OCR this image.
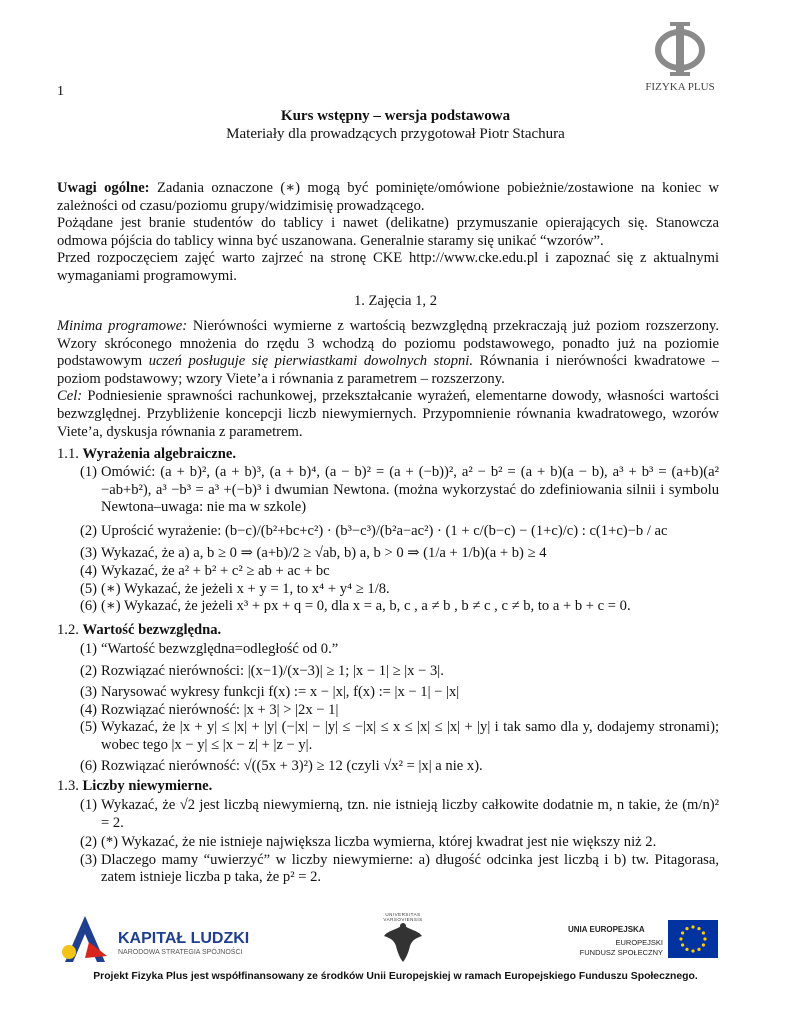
1	FIZYKA PLUS
Kurs wstępny – wersja podstawowa
Materiały dla prowadzących przygotował Piotr Stachura

Uwagi ogólne: Zadania oznaczone (∗) mogą być pominięte/omówione pobieżnie/zostawione na koniec w zależności od czasu/poziomu grupy/widzimisię prowadzącego.

Pożądane jest branie studentów do tablicy i nawet (delikatne) przymuszanie opierających się. Stanowcza odmowa pójścia do tablicy winna być uszanowana. Generalnie staramy się unikać “wzorów”.

Przed rozpoczęciem zajęć warto zajrzeć na stronę CKE http://www.cke.edu.pl i zapoznać się z aktualnymi wymaganiami programowymi.

1. Zajęcia 1, 2

Minima programowe: Nierówności wymierne z wartością bezwzględną przekraczają już poziom rozszerzony. Wzory skróconego mnożenia do rzędu 3 wchodzą do poziomu podstawowego, ponadto już na poziomie podstawowym uczeń posługuje się pierwiastkami dowolnych stopni. Równania i nierówności kwadratowe – poziom podstawowy; wzory Viete’a i równania z parametrem – rozszerzony.

Cel: Podniesienie sprawności rachunkowej, przekształcanie wyrażeń, elementarne dowody, własności wartości bezwzględnej. Przybliżenie koncepcji liczb niewymiernych. Przypomnienie równania kwadratowego, wzorów Viete’a, dyskusja równania z parametrem.

1.1. Wyrażenia algebraiczne.
(1) Omówić: (a + b)², (a + b)³, (a + b)⁴, (a − b)² = (a + (−b))², a² − b² = (a + b)(a − b), a³ + b³ = (a+b)(a² −ab+b²), a³ −b³ = a³ +(−b)³ i dwumian Newtona. (można wykorzystać do zdefiniowania silnii i symbolu Newtona–uwaga: nie ma w szkole)
(2) Uprościć wyrażenie: (b−c)/(b²+bc+c²) · (b³−c³)/(b²a−ac²) · (1 + c/(b−c) − (1+c)/c) : c(1+c)−b / ac
(3) Wykazać, że a) a, b ≥ 0 ⇒ (a+b)/2 ≥ √ab, b) a, b > 0 ⇒ (1/a + 1/b)(a + b) ≥ 4
(4) Wykazać, że a² + b² + c² ≥ ab + ac + bc
(5) (∗) Wykazać, że jeżeli x + y = 1, to x⁴ + y⁴ ≥ 1/8.
(6) (∗) Wykazać, że jeżeli x³ + px + q = 0, dla x = a, b, c , a ≠ b , b ≠ c , c ≠ b, to a + b + c = 0.
1.2. Wartość bezwzględna.
(1) “Wartość bezwzględna=odległość od 0.”
(2) Rozwiązać nierówności: |(x−1)/(x−3)| ≥ 1; |x − 1| ≥ |x − 3|.
(3) Narysować wykresy funkcji f(x) := x − |x|, f(x) := |x − 1| − |x|
(4) Rozwiązać nierówność: |x + 3| > |2x − 1|
(5) Wykazać, że |x + y| ≤ |x| + |y| (−|x| − |y| ≤ −|x| ≤ x ≤ |x| ≤ |x| + |y| i tak samo dla y, dodajemy stronami); wobec tego |x − y| ≤ |x − z| + |z − y|.
(6) Rozwiązać nierówność: √((5x + 3)²) ≥ 12 (czyli √x² = |x| a nie x).
1.3. Liczby niewymierne.
(1) Wykazać, że √2 jest liczbą niewymierną, tzn. nie istnieją liczby całkowite dodatnie m, n takie, że (m/n)² = 2.
(2) (*) Wykazać, że nie istnieje największa liczba wymierna, której kwadrat jest nie większy niż 2.
(3) Dlaczego mamy “uwierzyć” w liczby niewymierne: a) długość odcinka jest liczbą i b) tw. Pitagorasa, zatem istnieje liczba p taka, że p² = 2.
KAPITAŁ LUDZKI
NARODOWA STRATEGIA SPÓJNOŚCI
UNIVERSITAS VARSOVIENSIS
UNIA EUROPEJSKA
EUROPEJSKI
FUNDUSZ SPOŁECZNY
Projekt Fizyka Plus jest współfinansowany ze środków Unii Europejskiej w ramach Europejskiego Funduszu Społecznego.
